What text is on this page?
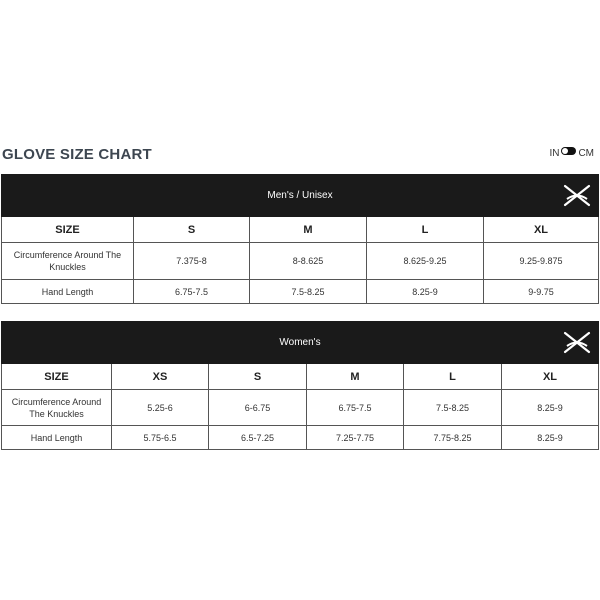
GLOVE SIZE CHART	IN CM
Men's / Unisex				

SIZE	S	M	L	XL
Circumference Around The Knuckles	7.375-8	8-8.625	8.625-9.25	9.25-9.875
Hand Length	6.75-7.5	7.5-8.25	8.25-9	9-9.75
Women's					

SIZE	XS	S	M	L	XL
Circumference Around The Knuckles	5.25-6	6-6.75	6.75-7.5	7.5-8.25	8.25-9
Hand Length	5.75-6.5	6.5-7.25	7.25-7.75	7.75-8.25	8.25-9
